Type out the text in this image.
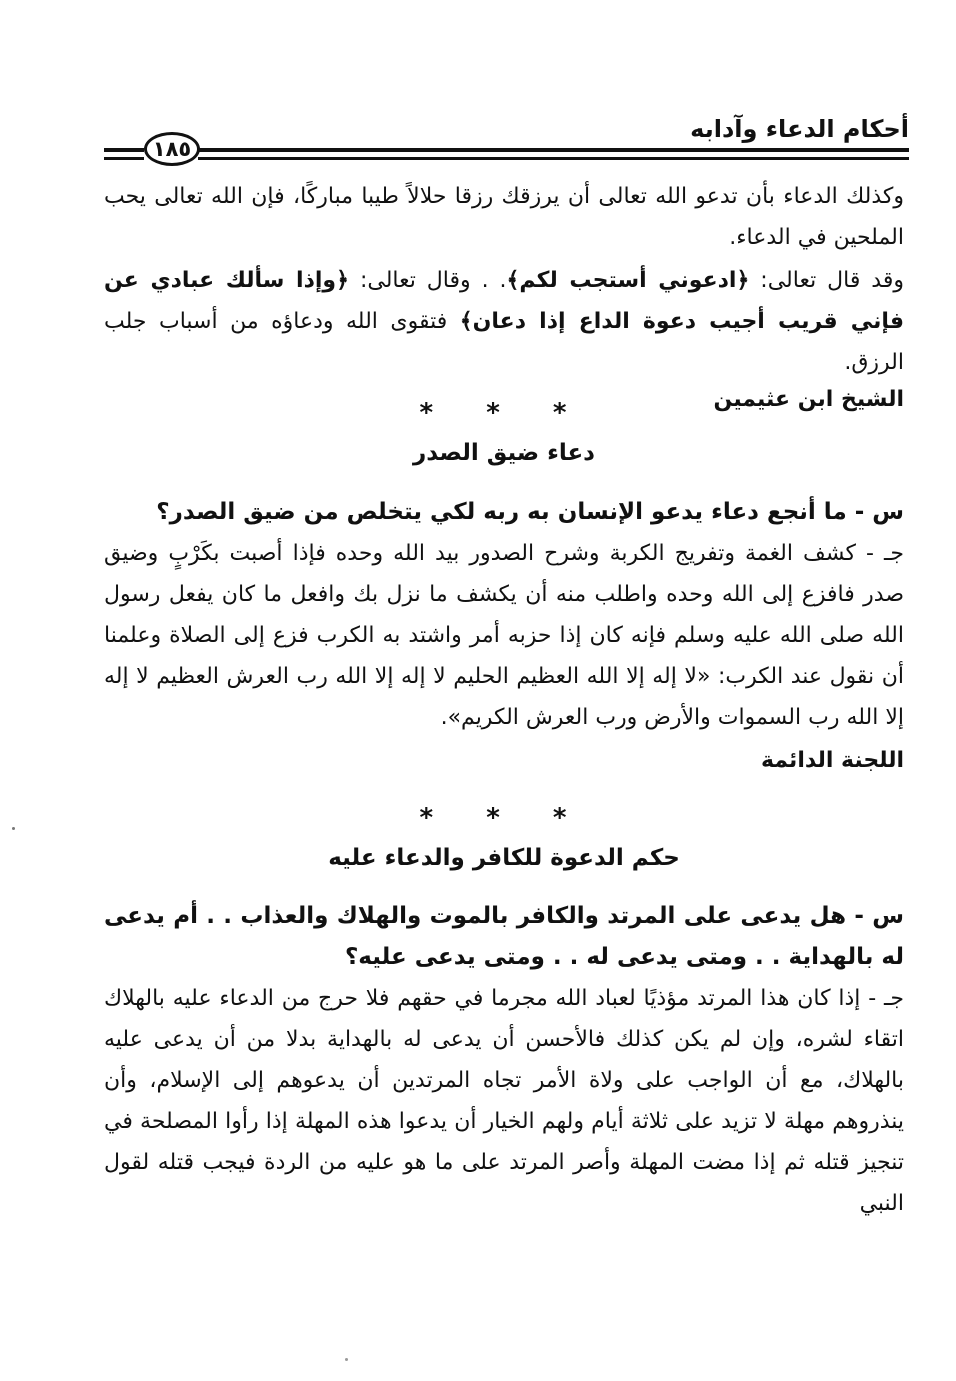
أحكام الدعاء وآدابه
١٨٥

وكذلك الدعاء بأن تدعو الله تعالى أن يرزقك رزقا حلالاً طيبا مباركًا، فإن الله تعالى يحب الملحين في الدعاء.

وقد قال تعالى: ﴿ادعوني أستجب لكم﴾. . وقال تعالى: ﴿وإذا سألك عبادي عن فإني قريب أجيب دعوة الداع إذا دعان﴾ فتقوى الله ودعاؤه من أسباب جلب الرزق.

الشيخ ابن عثيمين

* * *
دعاء ضيق الصدر

س - ما أنجع دعاء يدعو الإنسان به ربه لكي يتخلص من ضيق الصدر؟

جـ - كشف الغمة وتفريج الكربة وشرح الصدور بيد الله وحده فإذا أصبت بكَرْبٍ وضيق صدر فافزع إلى الله وحده واطلب منه أن يكشف ما نزل بك وافعل ما كان يفعل رسول الله صلى الله عليه وسلم فإنه كان إذا حزبه أمر واشتد به الكرب فزع إلى الصلاة وعلمنا أن نقول عند الكرب: «لا إله إلا الله العظيم الحليم لا إله إلا الله رب العرش العظيم لا إله إلا الله رب السموات والأرض ورب العرش الكريم».

اللجنة الدائمة

* * *
حكم الدعوة للكافر والدعاء عليه

س - هل يدعى على المرتد والكافر بالموت والهلاك والعذاب . . أم يدعى له بالهداية . . ومتى يدعى له . . ومتى يدعى عليه؟

جـ - إذا كان هذا المرتد مؤذيًا لعباد الله مجرما في حقهم فلا حرج من الدعاء عليه بالهلاك اتقاء لشره، وإن لم يكن كذلك فالأحسن أن يدعى له بالهداية بدلا من أن يدعى عليه بالهلاك، مع أن الواجب على ولاة الأمر تجاه المرتدين أن يدعوهم إلى الإسلام، وأن ينذروهم مهلة لا تزيد على ثلاثة أيام ولهم الخيار أن يدعوا هذه المهلة إذا رأوا المصلحة في تنجيز قتله ثم إذا مضت المهلة وأصر المرتد على ما هو عليه من الردة فيجب قتله لقول النبي
